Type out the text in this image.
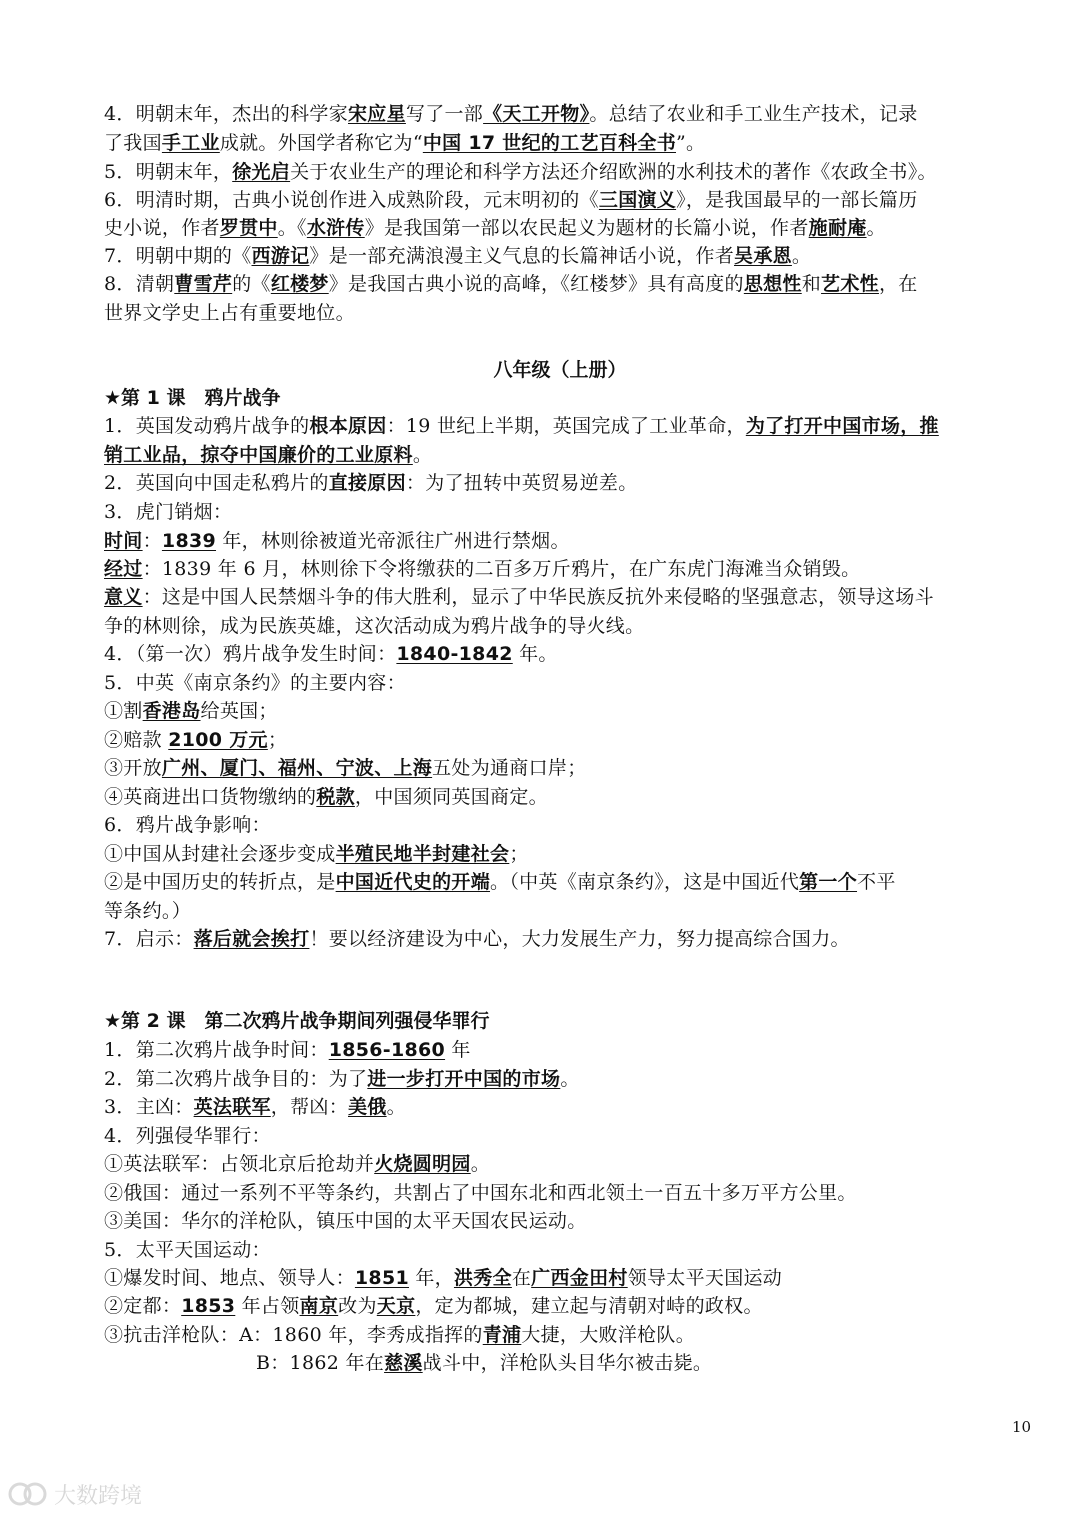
4．明朝末年，杰出的科学家宋应星写了一部《天工开物》。总结了农业和手工业生产技术，记录
了我国手工业成就。外国学者称它为“中国 17 世纪的工艺百科全书”。
5．明朝末年，徐光启关于农业生产的理论和科学方法还介绍欧洲的水利技术的著作《农政全书》。
6．明清时期，古典小说创作进入成熟阶段，元末明初的《三国演义》，是我国最早的一部长篇历
史小说，作者罗贯中。《水浒传》是我国第一部以农民起义为题材的长篇小说，作者施耐庵。
7．明朝中期的《西游记》是一部充满浪漫主义气息的长篇神话小说，作者吴承恩。
8．清朝曹雪芹的《红楼梦》是我国古典小说的高峰，《红楼梦》具有高度的思想性和艺术性，在
世界文学史上占有重要地位。
1．英国发动鸦片战争的根本原因：19 世纪上半期，英国完成了工业革命，为了打开中国市场，推
销工业品，掠夺中国廉价的工业原料。
2．英国向中国走私鸦片的直接原因：为了扭转中英贸易逆差。
3．虎门销烟：
时间：1839 年，林则徐被道光帝派往广州进行禁烟。
经过：1839 年 6 月，林则徐下令将缴获的二百多万斤鸦片，在广东虎门海滩当众销毁。
意义：这是中国人民禁烟斗争的伟大胜利，显示了中华民族反抗外来侵略的坚强意志，领导这场斗
争的林则徐，成为民族英雄，这次活动成为鸦片战争的导火线。
4．（第一次）鸦片战争发生时间：1840-1842 年。
5．中英《南京条约》的主要内容：
①割香港岛给英国；
②赔款 2100 万元；
③开放广州、厦门、福州、宁波、上海五处为通商口岸；
④英商进出口货物缴纳的税款，中国须同英国商定。
6．鸦片战争影响：
①中国从封建社会逐步变成半殖民地半封建社会；
②是中国历史的转折点，是中国近代史的开端。（中英《南京条约》，这是中国近代第一个不平
等条约。）
7．启示：落后就会挨打！要以经济建设为中心，大力发展生产力，努力提高综合国力。
1．第二次鸦片战争时间：1856-1860 年
2．第二次鸦片战争目的：为了进一步打开中国的市场。
3．主凶：英法联军，帮凶：美俄。
4．列强侵华罪行：
①英法联军：占领北京后抢劫并火烧圆明园。
②俄国：通过一系列不平等条约，共割占了中国东北和西北领土一百五十多万平方公里。
③美国：华尔的洋枪队，镇压中国的太平天国农民运动。
5．太平天国运动：
①爆发时间、地点、领导人：1851 年，洪秀全在广西金田村领导太平天国运动
②定都：1853 年占领南京改为天京，定为都城，建立起与清朝对峙的政权。
③抗击洋枪队：A：1860 年，李秀成指挥的青浦大捷，大败洋枪队。
B：1862 年在慈溪战斗中，洋枪队头目华尔被击毙。
八年级（上册）
★第 1 课　鸦片战争
★第 2 课　第二次鸦片战争期间列强侵华罪行
10
大数跨境
